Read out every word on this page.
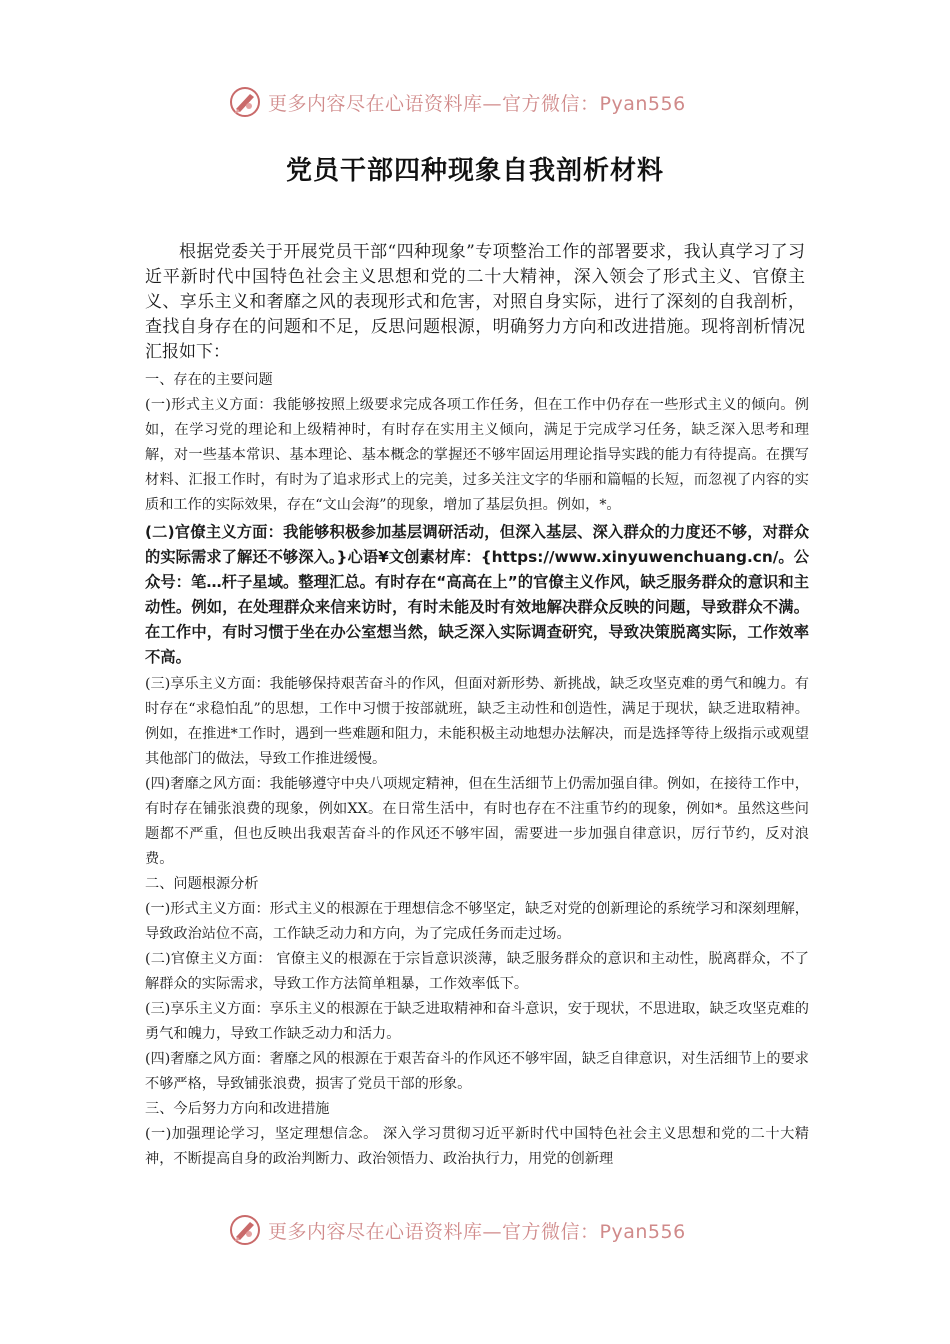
更多内容尽在心语资料库—官方微信：Pyan556
党员干部四种现象自我剖析材料

根据党委关于开展党员干部“四种现象”专项整治工作的部署要求，我认真学习了习近平新时代中国特色社会主义思想和党的二十大精神，深入领会了形式主义、官僚主义、享乐主义和奢靡之风的表现形式和危害，对照自身实际，进行了深刻的自我剖析，查找自身存在的问题和不足，反思问题根源，明确努力方向和改进措施。现将剖析情况汇报如下：

一、存在的主要问题

(一)形式主义方面：我能够按照上级要求完成各项工作任务，但在工作中仍存在一些形式主义的倾向。例如，在学习党的理论和上级精神时，有时存在实用主义倾向，满足于完成学习任务，缺乏深入思考和理解，对一些基本常识、基本理论、基本概念的掌握还不够牢固运用理论指导实践的能力有待提高。在撰写材料、汇报工作时，有时为了追求形式上的完美，过多关注文字的华丽和篇幅的长短，而忽视了内容的实质和工作的实际效果，存在“文山会海”的现象，增加了基层负担。例如，*。

(二)官僚主义方面：我能够积极参加基层调研活动，但深入基层、深入群众的力度还不够，对群众的实际需求了解还不够深入。}心语¥文创素材库：{https://www.xinyuwenchuang.cn/。公众号：笔…杆子星域。整理汇总。有时存在“高高在上”的官僚主义作风，缺乏服务群众的意识和主动性。例如，在处理群众来信来访时，有时未能及时有效地解决群众反映的问题，导致群众不满。在工作中，有时习惯于坐在办公室想当然，缺乏深入实际调查研究，导致决策脱离实际，工作效率不高。

(三)享乐主义方面：我能够保持艰苦奋斗的作风，但面对新形势、新挑战，缺乏攻坚克难的勇气和魄力。有时存在“求稳怕乱”的思想，工作中习惯于按部就班，缺乏主动性和创造性，满足于现状，缺乏进取精神。例如，在推进*工作时，遇到一些难题和阻力，未能积极主动地想办法解决，而是选择等待上级指示或观望其他部门的做法，导致工作推进缓慢。

(四)奢靡之风方面：我能够遵守中央八项规定精神，但在生活细节上仍需加强自律。例如，在接待工作中，有时存在铺张浪费的现象，例如XX。在日常生活中，有时也存在不注重节约的现象，例如*。虽然这些问题都不严重，但也反映出我艰苦奋斗的作风还不够牢固，需要进一步加强自律意识，厉行节约，反对浪费。

二、问题根源分析

(一)形式主义方面：形式主义的根源在于理想信念不够坚定，缺乏对党的创新理论的系统学习和深刻理解，导致政治站位不高，工作缺乏动力和方向，为了完成任务而走过场。

(二)官僚主义方面： 官僚主义的根源在于宗旨意识淡薄，缺乏服务群众的意识和主动性，脱离群众，不了解群众的实际需求，导致工作方法简单粗暴，工作效率低下。

(三)享乐主义方面：享乐主义的根源在于缺乏进取精神和奋斗意识，安于现状，不思进取，缺乏攻坚克难的勇气和魄力，导致工作缺乏动力和活力。

(四)奢靡之风方面：奢靡之风的根源在于艰苦奋斗的作风还不够牢固，缺乏自律意识，对生活细节上的要求不够严格，导致铺张浪费，损害了党员干部的形象。

三、今后努力方向和改进措施

(一)加强理论学习，坚定理想信念。 深入学习贯彻习近平新时代中国特色社会主义思想和党的二十大精神，不断提高自身的政治判断力、政治领悟力、政治执行力，用党的创新理

更多内容尽在心语资料库—官方微信：Pyan556
